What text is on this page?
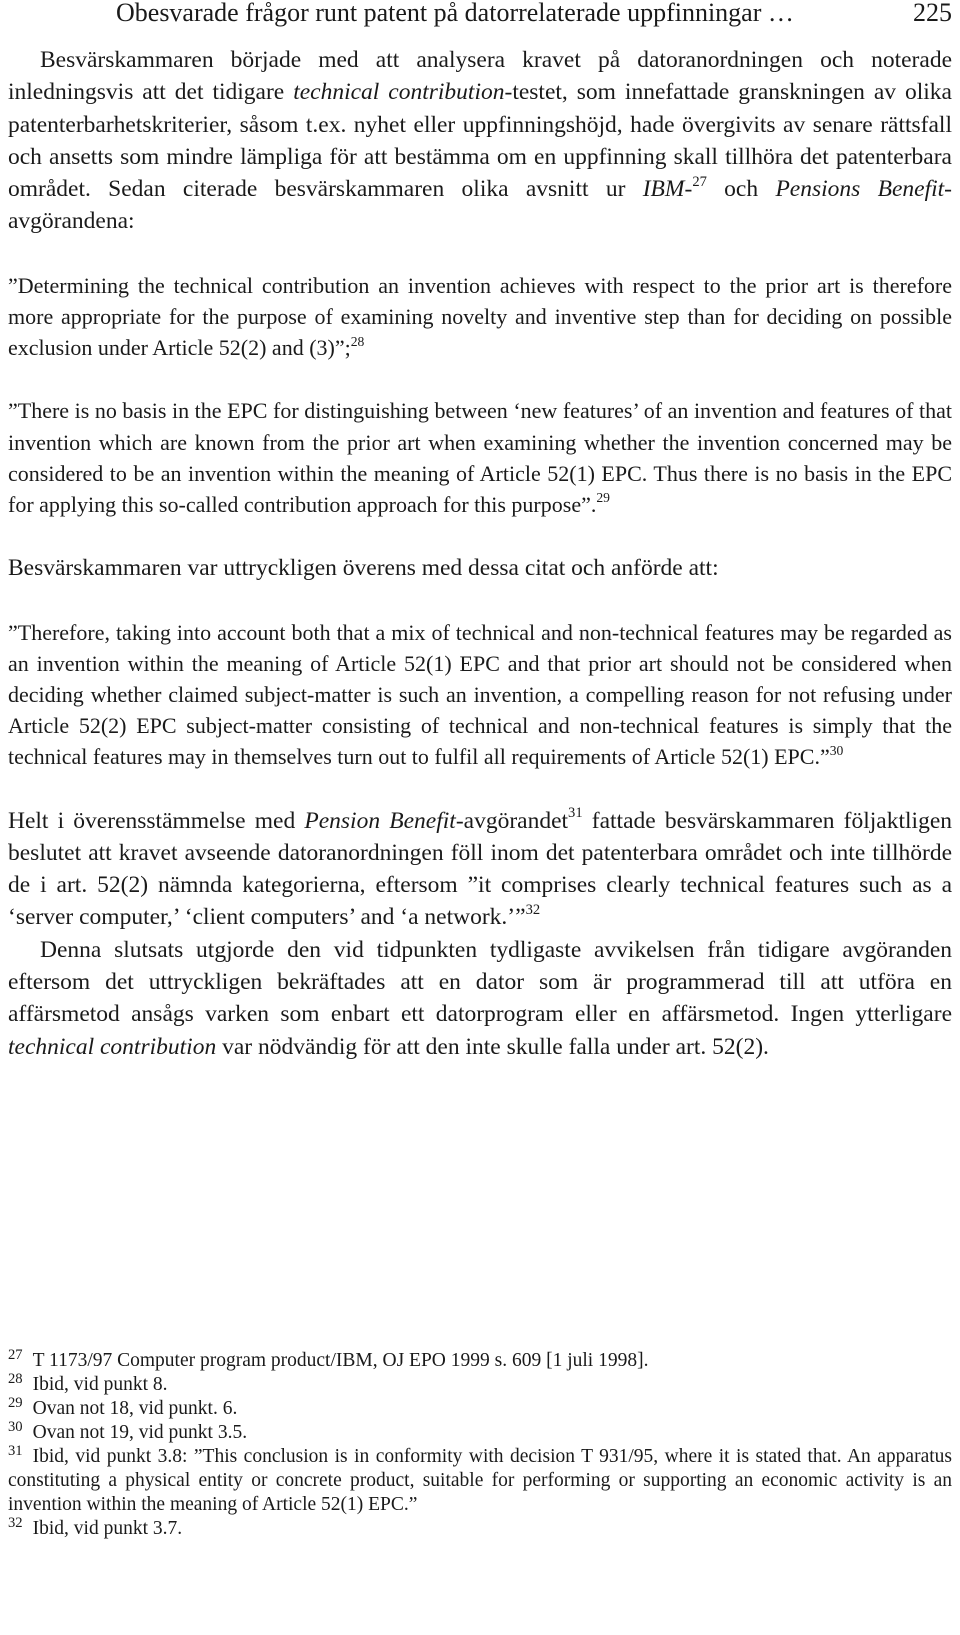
Obesvarade frågor runt patent på datorrelaterade uppfinningar …	225

Besvärskammaren började med att analysera kravet på datoranordningen och noterade inledningsvis att det tidigare technical contribution-testet, som innefattade granskningen av olika patenterbarhetskriterier, såsom t.ex. nyhet eller uppfinningshöjd, hade övergivits av senare rättsfall och ansetts som mindre lämpliga för att bestämma om en uppfinning skall tillhöra det patenterbara området. Sedan citerade besvärskammaren olika avsnitt ur IBM-$^{27}$ och Pensions Benefit-avgörandena:

”Determining the technical contribution an invention achieves with respect to the prior art is therefore more appropriate for the purpose of examining novelty and inventive step than for deciding on possible exclusion under Article 52(2) and (3)”;$^{28}$

”There is no basis in the EPC for distinguishing between ‘new features’ of an invention and features of that invention which are known from the prior art when examining whether the invention concerned may be considered to be an invention within the meaning of Article 52(1) EPC. Thus there is no basis in the EPC for applying this so-called contribution approach for this purpose”.$^{29}$

Besvärskammaren var uttryckligen överens med dessa citat och anförde att:

”Therefore, taking into account both that a mix of technical and non-technical features may be regarded as an invention within the meaning of Article 52(1) EPC and that prior art should not be considered when deciding whether claimed subject-matter is such an invention, a compelling reason for not refusing under Article 52(2) EPC subject-matter consisting of technical and non-technical features is simply that the technical features may in themselves turn out to fulfil all requirements of Article 52(1) EPC.”$^{30}$

Helt i överensstämmelse med Pension Benefit-avgörandet$^{31}$ fattade besvärskammaren följaktligen beslutet att kravet avseende datoranordningen föll inom det patenterbara området och inte tillhörde de i art. 52(2) nämnda kategorierna, eftersom ”it comprises clearly technical features such as a ‘server computer,’ ‘client computers’ and ‘a network.’”$^{32}$

Denna slutsats utgjorde den vid tidpunkten tydligaste avvikelsen från tidigare avgöranden eftersom det uttryckligen bekräftades att en dator som är programmerad till att utföra en affärsmetod ansågs varken som enbart ett datorprogram eller en affärsmetod. Ingen ytterligare technical contribution var nödvändig för att den inte skulle falla under art. 52(2).

$^{27}$ T 1173/97 Computer program product/IBM, OJ EPO 1999 s. 609 [1 juli 1998].

$^{28}$ Ibid, vid punkt 8.

$^{29}$ Ovan not 18, vid punkt. 6.

$^{30}$ Ovan not 19, vid punkt 3.5.

$^{31}$ Ibid, vid punkt 3.8: ”This conclusion is in conformity with decision T 931/95, where it is stated that. An apparatus constituting a physical entity or concrete product, suitable for performing or supporting an economic activity is an invention within the meaning of Article 52(1) EPC.”

$^{32}$ Ibid, vid punkt 3.7.
